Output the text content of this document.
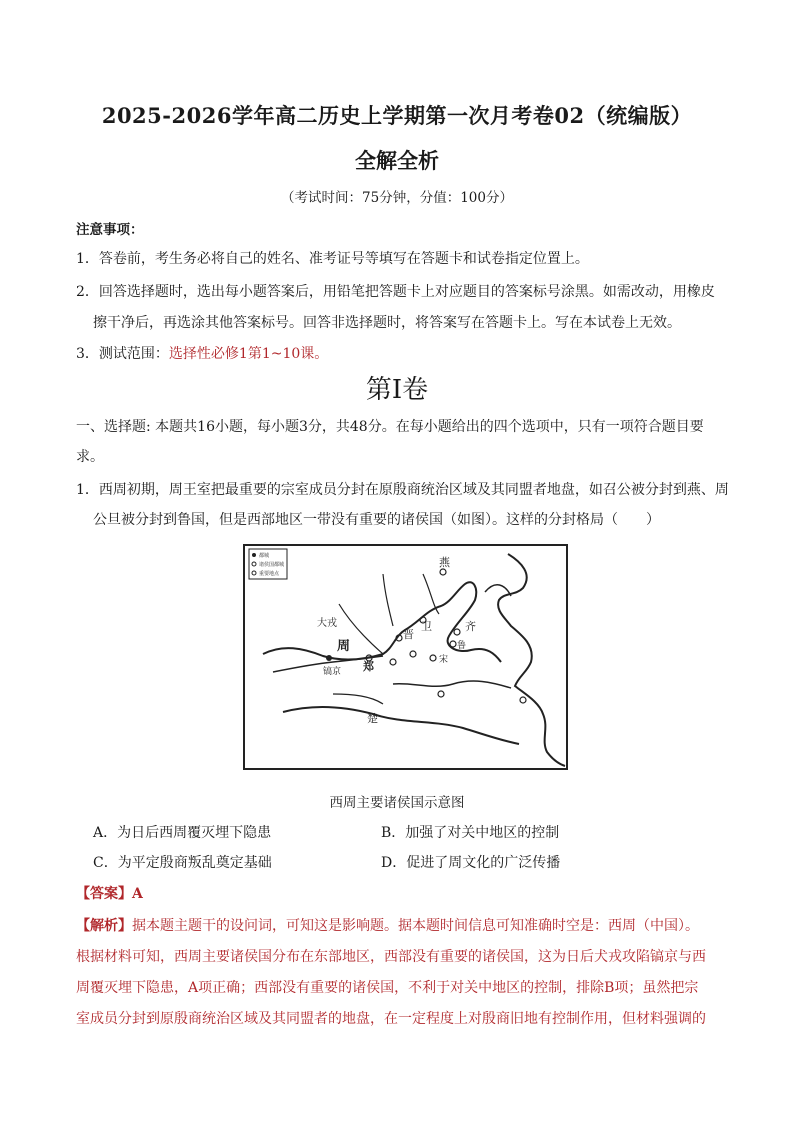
2025-2026学年高二历史上学期第一次月考卷02（统编版）
全解全析
（考试时间：75分钟，分值：100分）
注意事项：
1．答卷前，考生务必将自己的姓名、准考证号等填写在答题卡和试卷指定位置上。
2．回答选择题时，选出每小题答案后，用铅笔把答题卡上对应题目的答案标号涂黑。如需改动，用橡皮
擦干净后，再选涂其他答案标号。回答非选择题时，将答案写在答题卡上。写在本试卷上无效。
3．测试范围：选择性必修1第1~10课。
第Ⅰ卷
一、选择题: 本题共16小题，每小题3分，共48分。在每小题给出的四个选项中，只有一项符合题目要
求。
1．西周初期，周王室把最重要的宗室成员分封在原殷商统治区域及其同盟者地盘，如召公被分封到燕、周
公旦被分封到鲁国，但是西部地区一带没有重要的诸侯国（如图）。这样的分封格局（　　）
都城
诸侯国都城
重要地点
燕
大戎
周
镐京
晋
卫	齐
鲁
宋
楚
郑
西周主要诸侯国示意图
A．为日后西周覆灭埋下隐患	B．加强了对关中地区的控制
C．为平定殷商叛乱奠定基础	D．促进了周文化的广泛传播
【答案】A
【解析】据本题主题干的设问词，可知这是影响题。据本题时间信息可知准确时空是：西周（中国）。
根据材料可知，西周主要诸侯国分布在东部地区，西部没有重要的诸侯国，这为日后犬戎攻陷镐京与西
周覆灭埋下隐患，A项正确；西部没有重要的诸侯国，不利于对关中地区的控制，排除B项；虽然把宗
室成员分封到原殷商统治区域及其同盟者的地盘，在一定程度上对殷商旧地有控制作用，但材料强调的
